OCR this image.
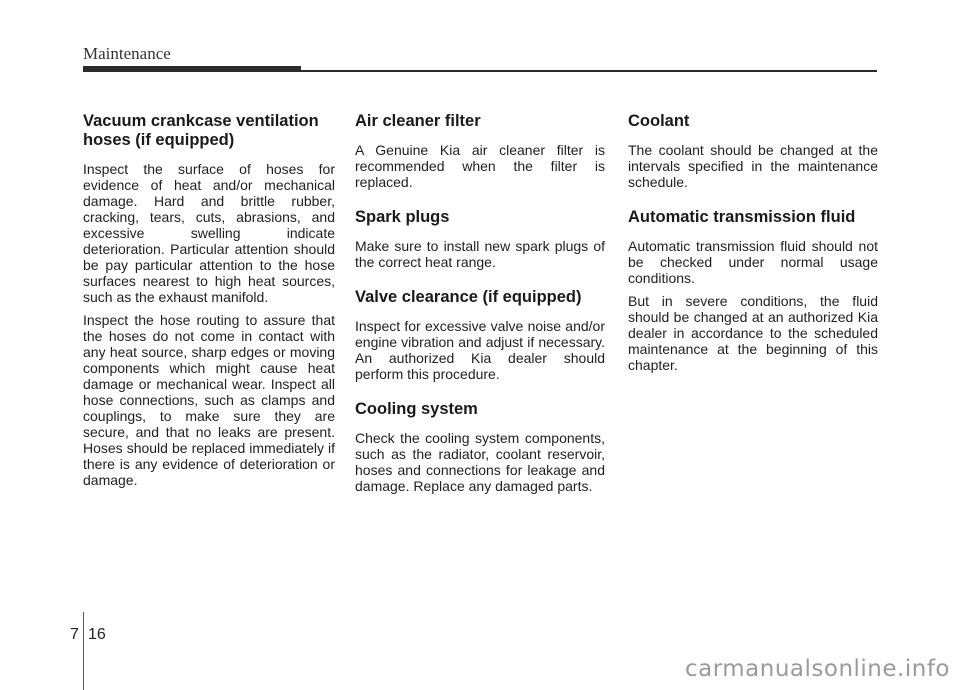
Maintenance
Vacuum crankcase ventilation hoses (if equipped)

Inspect the surface of hoses for evidence of heat and/or mechanical damage. Hard and brittle rubber, cracking, tears, cuts, abrasions, and excessive swelling indicate deterioration. Particular attention should be pay particular attention to the hose surfaces nearest to high heat sources, such as the exhaust manifold.

Inspect the hose routing to assure that the hoses do not come in contact with any heat source, sharp edges or moving components which might cause heat damage or mechanical wear. Inspect all hose connections, such as clamps and couplings, to make sure they are secure, and that no leaks are present. Hoses should be replaced immediately if there is any evidence of deterioration or damage.

Air cleaner filter

A Genuine Kia air cleaner filter is recommended when the filter is replaced.

Spark plugs

Make sure to install new spark plugs of the correct heat range.

Valve clearance (if equipped)

Inspect for excessive valve noise and/or engine vibration and adjust if necessary. An authorized Kia dealer should perform this procedure.

Cooling system

Check the cooling system components, such as the radiator, coolant reservoir, hoses and connections for leakage and damage. Replace any damaged parts.

Coolant

The coolant should be changed at the intervals specified in the maintenance schedule.

Automatic transmission fluid

Automatic transmission fluid should not be checked under normal usage conditions.

But in severe conditions, the fluid should be changed at an authorized Kia dealer in accordance to the scheduled maintenance at the beginning of this chapter.

7 16
carmanualsonline.info
